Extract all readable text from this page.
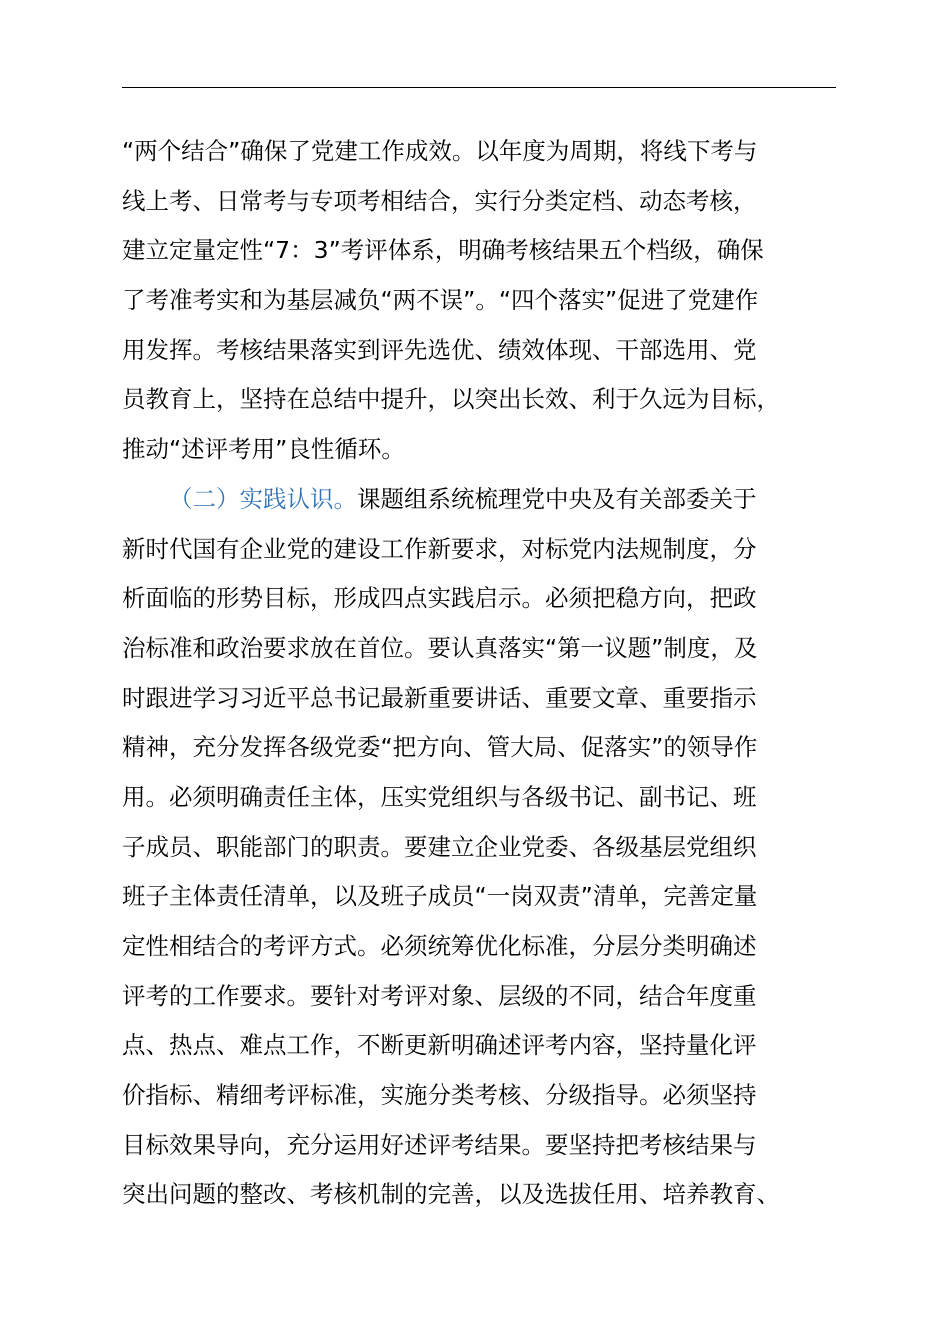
“两个结合”确保了党建工作成效。以年度为周期，将线下考与
线上考、日常考与专项考相结合，实行分类定档、动态考核，
建立定量定性“7：3”考评体系，明确考核结果五个档级，确保
了考准考实和为基层减负“两不误”。“四个落实”促进了党建作
用发挥。考核结果落实到评先选优、绩效体现、干部选用、党
员教育上，坚持在总结中提升，以突出长效、利于久远为目标，
推动“述评考用”良性循环。
（二）实践认识。课题组系统梳理党中央及有关部委关于
新时代国有企业党的建设工作新要求，对标党内法规制度，分
析面临的形势目标，形成四点实践启示。必须把稳方向，把政
治标准和政治要求放在首位。要认真落实“第一议题”制度，及
时跟进学习习近平总书记最新重要讲话、重要文章、重要指示
精神，充分发挥各级党委“把方向、管大局、促落实”的领导作
用。必须明确责任主体，压实党组织与各级书记、副书记、班
子成员、职能部门的职责。要建立企业党委、各级基层党组织
班子主体责任清单，以及班子成员“一岗双责”清单，完善定量
定性相结合的考评方式。必须统筹优化标准，分层分类明确述
评考的工作要求。要针对考评对象、层级的不同，结合年度重
点、热点、难点工作，不断更新明确述评考内容，坚持量化评
价指标、精细考评标准，实施分类考核、分级指导。必须坚持
目标效果导向，充分运用好述评考结果。要坚持把考核结果与
突出问题的整改、考核机制的完善，以及选拔任用、培养教育、
